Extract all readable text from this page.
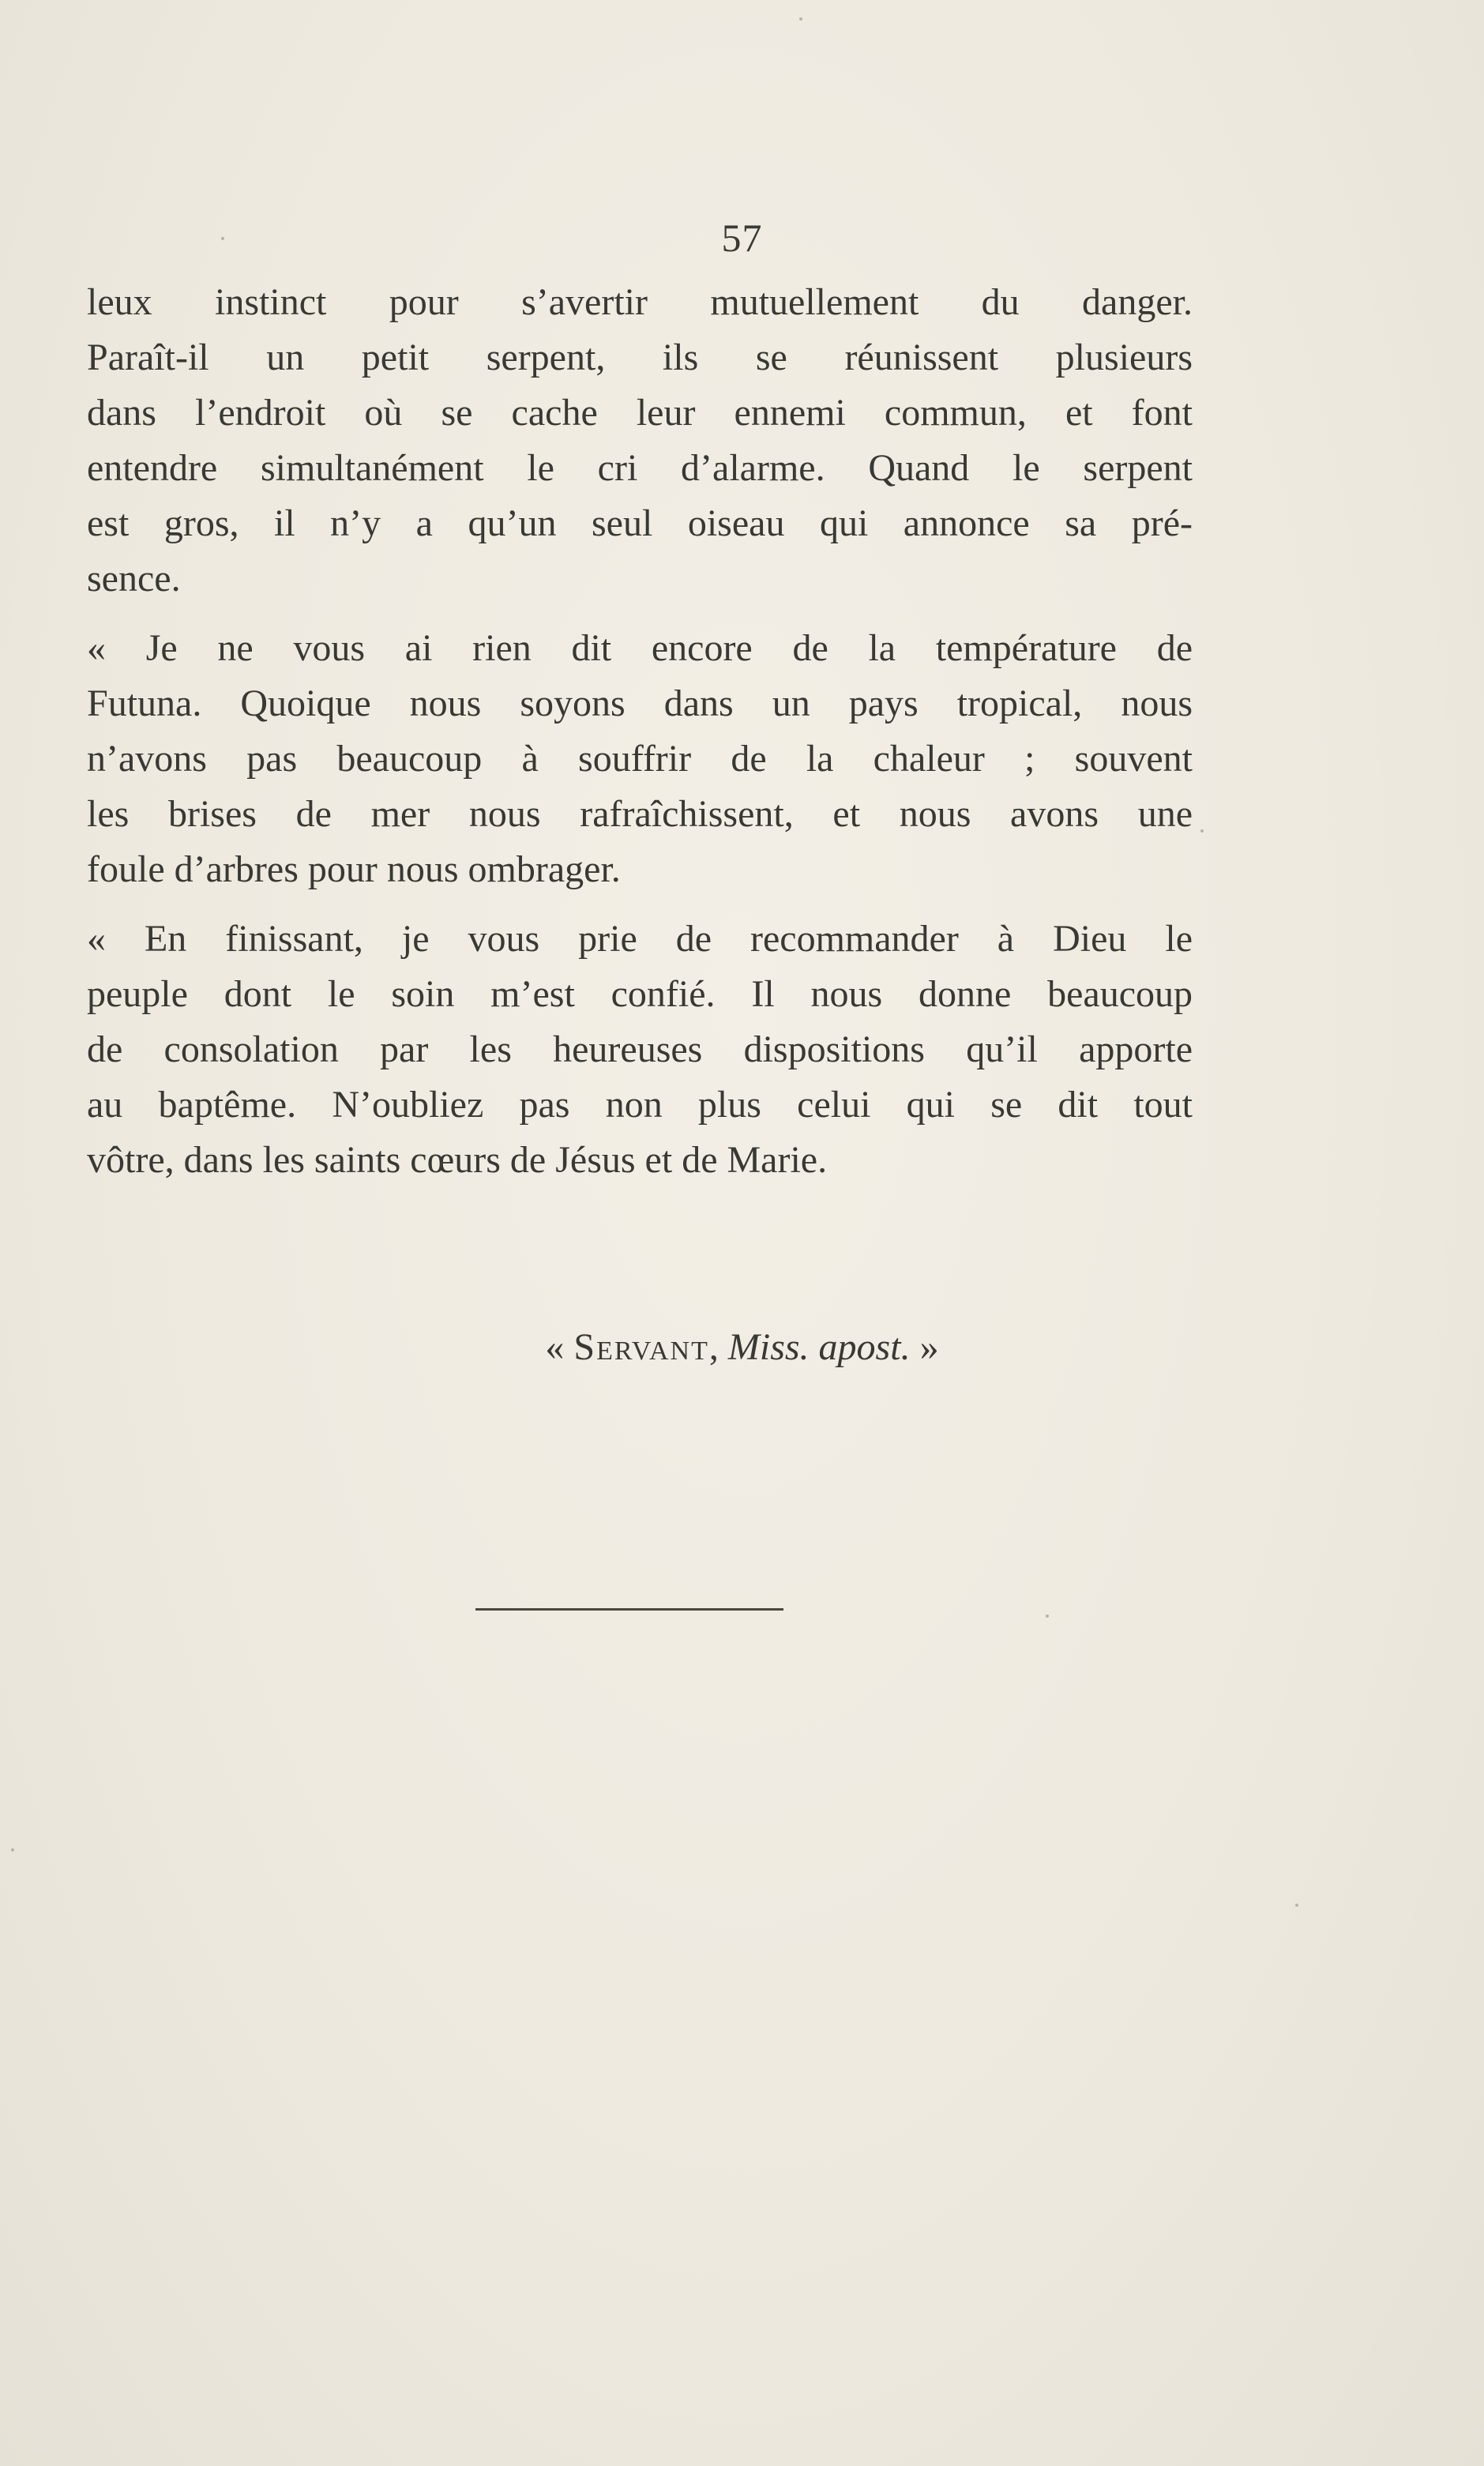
57
leux instinct pour s’avertir mutuellement du danger.
Paraît-il un petit serpent, ils se réunissent plusieurs
dans l’endroit où se cache leur ennemi commun, et font
entendre simultanément le cri d’alarme. Quand le serpent
est gros, il n’y a qu’un seul oiseau qui annonce sa pré-
sence.
« Je ne vous ai rien dit encore de la température de
Futuna. Quoique nous soyons dans un pays tropical, nous
n’avons pas beaucoup à souffrir de la chaleur ; souvent
les brises de mer nous rafraîchissent, et nous avons une
foule d’arbres pour nous ombrager.
« En finissant, je vous prie de recommander à Dieu le
peuple dont le soin m’est confié. Il nous donne beaucoup
de consolation par les heureuses dispositions qu’il apporte
au baptême. N’oubliez pas non plus celui qui se dit tout
vôtre, dans les saints cœurs de Jésus et de Marie.
« Servant, Miss. apost. »
